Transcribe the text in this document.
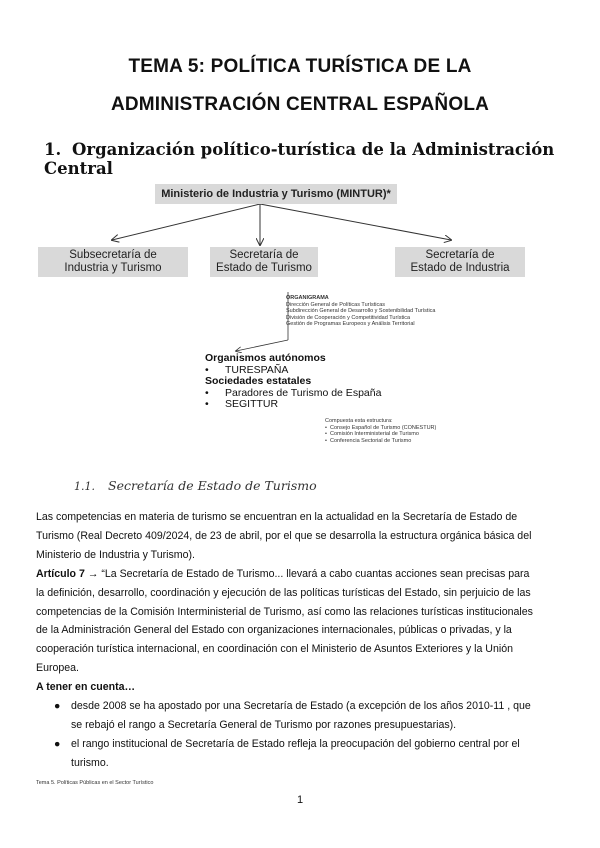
TEMA 5: POLÍTICA TURÍSTICA DE LA
ADMINISTRACIÓN CENTRAL ESPAÑOLA
1. Organización político-turística de la Administración Central
Ministerio de Industria y Turismo (MINTUR)*
Subsecretaría de
Industria y Turismo
Secretaría de
Estado de Turismo
Secretaría de
Estado de Industria
ORGANIGRAMA
Dirección General de Políticas Turísticas
Subdirección General de Desarrollo y Sostenibilidad Turística
División de Cooperación y Competitividad Turística
Gestión de Programas Europeos y Análisis Territorial
Organismos autónomos
• TURESPAÑA
Sociedades estatales
• Paradores de Turismo de España
• SEGITTUR
Compuesta esta estructura:
•  Consejo Español de Turismo (CONESTUR)
•  Comisión Interministerial de Turismo
•  Conferencia Sectorial de Turismo
1.1. Secretaría de Estado de Turismo
Las competencias en materia de turismo se encuentran en la actualidad en la Secretaría de Estado de
Turismo (Real Decreto 409/2024, de 23 de abril, por el que se desarrolla la estructura orgánica básica del
Ministerio de Industria y Turismo).
Artículo 7 → “La Secretaría de Estado de Turismo... llevará a cabo cuantas acciones sean precisas para
la definición, desarrollo, coordinación y ejecución de las políticas turísticas del Estado, sin perjuicio de las
competencias de la Comisión Interministerial de Turismo, así como las relaciones turísticas institucionales
de la Administración General del Estado con organizaciones internacionales, públicas o privadas, y la
cooperación turística internacional, en coordinación con el Ministerio de Asuntos Exteriores y la Unión
Europea.
A tener en cuenta…
● desde 2008 se ha apostado por una Secretaría de Estado (a excepción de los años 2010-11 , que
se rebajó el rango a Secretaría General de Turismo por razones presupuestarias).
● el rango institucional de Secretaría de Estado refleja la preocupación del gobierno central por el
turismo.
Tema 5. Políticas Públicas en el Sector Turístico
1
